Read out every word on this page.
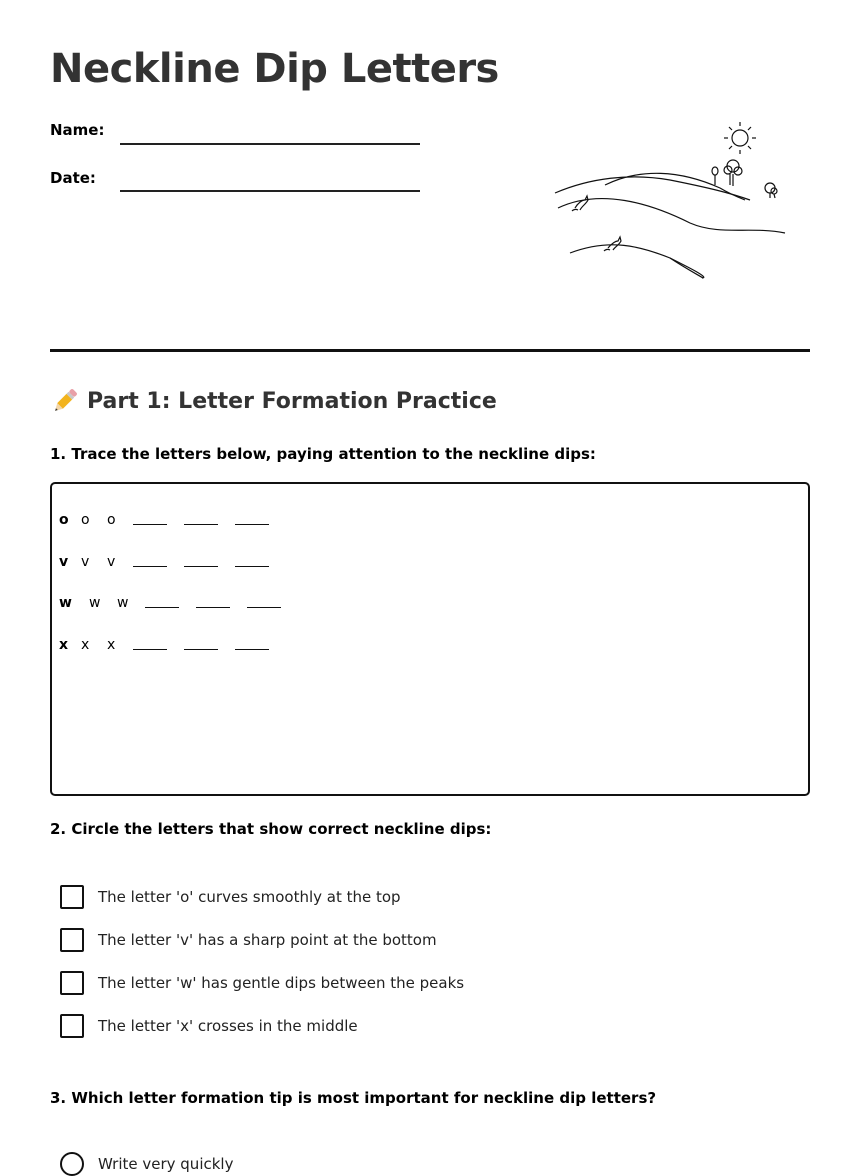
Neckline Dip Letters
Name:
Date:
Part 1: Letter Formation Practice
1. Trace the letters below, paying attention to the neckline dips:
o o	o
v v	v
w	w	w
x x	x
2. Circle the letters that show correct neckline dips:
The letter 'o' curves smoothly at the top
The letter 'v' has a sharp point at the bottom
The letter 'w' has gentle dips between the peaks
The letter 'x' crosses in the middle
3. Which letter formation tip is most important for neckline dip letters?
Write very quickly
